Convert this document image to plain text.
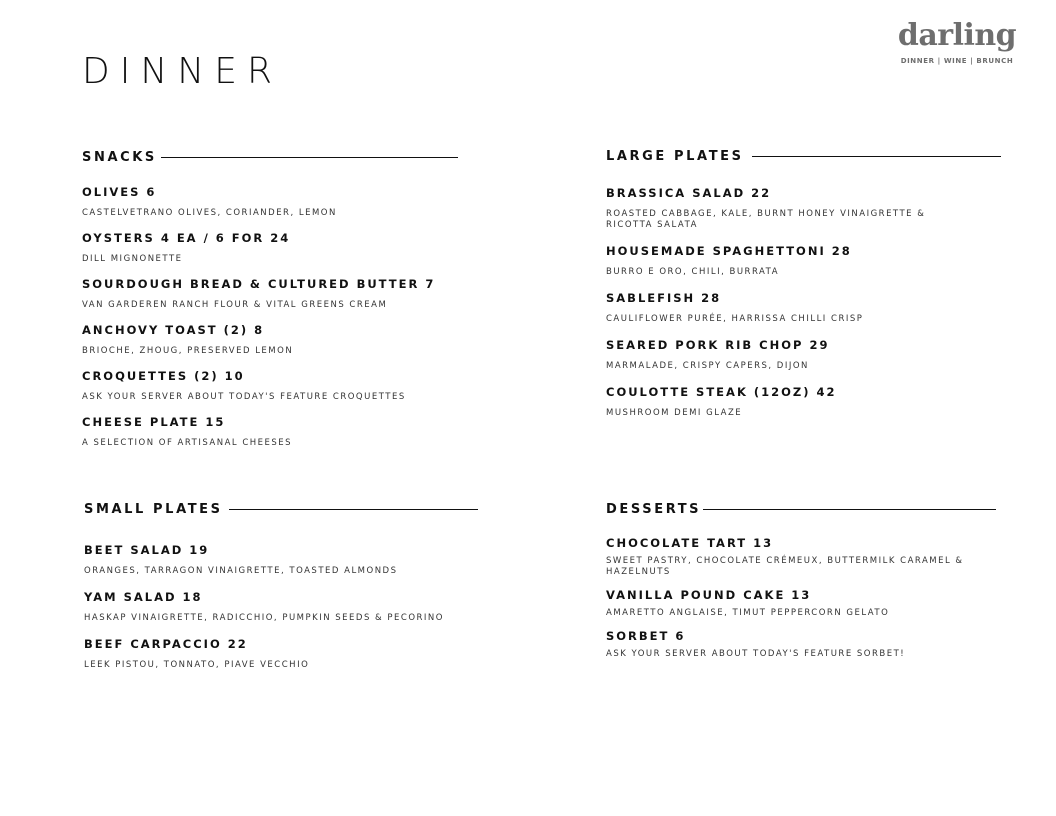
DINNER
darling
DINNER | WINE | BRUNCH
SNACKS
OLIVES 6
CASTELVETRANO OLIVES, CORIANDER, LEMON
OYSTERS 4 EA / 6 FOR 24
DILL MIGNONETTE
SOURDOUGH BREAD & CULTURED BUTTER 7
VAN GARDEREN RANCH FLOUR & VITAL GREENS CREAM
ANCHOVY TOAST (2) 8
BRIOCHE, ZHOUG, PRESERVED LEMON
CROQUETTES (2) 10
ASK YOUR SERVER ABOUT TODAY'S FEATURE CROQUETTES
CHEESE PLATE 15
A SELECTION OF ARTISANAL CHEESES
LARGE PLATES
BRASSICA SALAD 22
ROASTED CABBAGE, KALE, BURNT HONEY VINAIGRETTE & RICOTTA SALATA
HOUSEMADE SPAGHETTONI 28
BURRO E ORO, CHILI, BURRATA
SABLEFISH 28
CAULIFLOWER PURÉE, HARRISSA CHILLI CRISP
SEARED PORK RIB CHOP 29
MARMALADE, CRISPY CAPERS, DIJON
COULOTTE STEAK (12OZ) 42
MUSHROOM DEMI GLAZE
SMALL PLATES
BEET SALAD 19
ORANGES, TARRAGON VINAIGRETTE, TOASTED ALMONDS
YAM SALAD 18
HASKAP VINAIGRETTE, RADICCHIO, PUMPKIN SEEDS & PECORINO
BEEF CARPACCIO 22
LEEK PISTOU, TONNATO, PIAVE VECCHIO
DESSERTS
CHOCOLATE TART 13
SWEET PASTRY, CHOCOLATE CRÉMEUX, BUTTERMILK CARAMEL & HAZELNUTS
VANILLA POUND CAKE 13
AMARETTO ANGLAISE, TIMUT PEPPERCORN GELATO
SORBET 6
ASK YOUR SERVER ABOUT TODAY'S FEATURE SORBET!
